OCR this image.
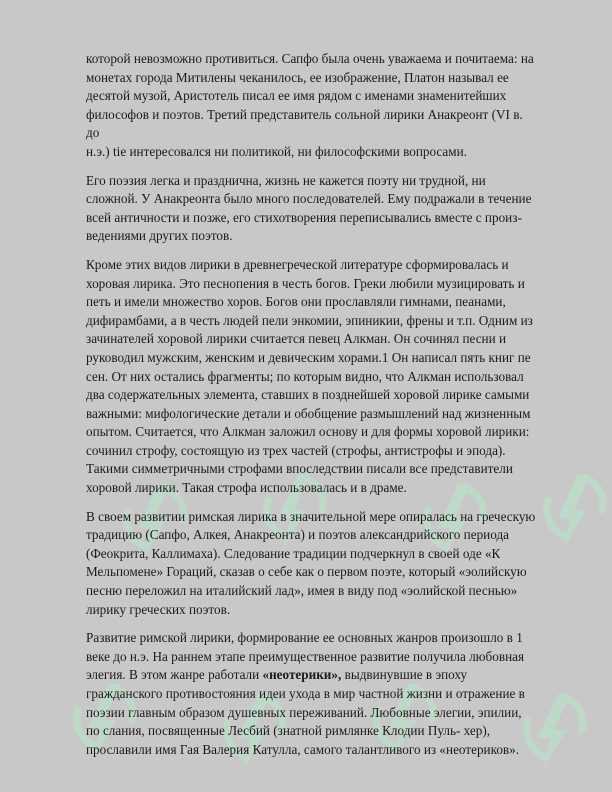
которой невозможно противиться. Сапфо была очень уважаема и почитаема: на
монетах города Митилены чеканилось, ее изображение, Платон называл ее
десятой музой, Аристотель писал ее имя рядом с именами знаменитейших
философов и поэтов. Третий представитель сольной лирики Анакреонт (VI в. до
н.э.) tie интересовался ни политикой, ни философскими вопросами.

Его поэзия легка и празднична, жизнь не кажется поэту ни трудной, ни
сложной. У Анакреонта было много последователей. Ему подражали в течение
всей античности и позже, его стихотворения переписывались вместе с произ-
ведениями других поэтов.

Кроме этих видов лирики в древнегреческой литературе сформировалась и
хоровая лирика. Это песнопения в честь богов. Греки любили музицировать и
петь и имели множество хоров. Богов они прославляли гимнами, пеанами,
дифирамбами, а в честь людей пели энкомии, эпиникии, френы и т.п. Одним из
зачинателей хоровой лирики считается певец Алкман. Он сочинял песни и
руководил мужским, женским и девическим хорами.1 Он написал пять книг пе
сен. От них остались фрагменты; по которым видно, что Алкман использовал
два содержательных элемента, ставших в позднейшей хоровой лирике самыми
важными: мифологические детали и обобщение размышлений над жизненным
опытом. Считается, что Алкман заложил основу и для формы хоровой лирики:
сочинил строфу, состоящую из трех частей (строфы, антистрофы и эпода).
Такими симметричными строфами впоследствии писали все представители
хоровой лирики. Такая строфа использовалась и в драме.

В своем развитии римская лирика в значительной мере опиралась на греческую
традицию (Сапфо, Алкея, Анакреонта) и поэтов александрийского периода
(Феокрита, Каллимаха). Следование традиции подчеркнул в своей оде «К
Мельпомене» Гораций, сказав о себе как о первом поэте, который «эолийскую
песню переложил на италийский лад», имея в виду под «эолийской песнью»
лирику греческих поэтов.

Развитие римской лирики, формирование ее основных жанров произошло в 1
веке до н.э. На раннем этапе преимущественное развитие получила любовная
элегия. В этом жанре работали «неотерики», выдвинувшие в эпоху
гражданского противостояния идеи ухода в мир частной жизни и отражение в
поэзии главным образом душевных переживаний. Любовные элегии, эпилии,
по слания, посвященные Лесбий (знатной римлянке Клодии Пуль- хер),
прославили имя Гая Валерия Катулла, самого талантливого из «неотериков».
